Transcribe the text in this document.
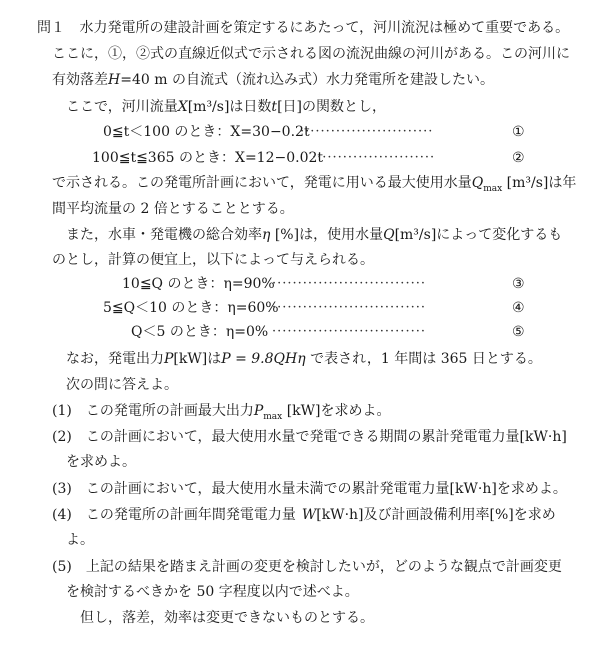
問１ 水力発電所の建設計画を策定するにあたって，河川流況は極めて重要である。
ここに，①，②式の直線近似式で示される図の流況曲線の河川がある。この河川に
有効落差H=40 m の自流式（流れ込み式）水力発電所を建設したい。
ここで，河川流量X[m³/s]は日数t[日]の関数とし，
0≦t＜100 のとき：X=30−0.2t
··························	①
100≦t≦365 のとき：X=12−0.02t
························	②
で示される。この発電所計画において，発電に用いる最大使用水量$Q_{max}$ [m³/s]は年
間平均流量の 2 倍とすることとする。
また，水車・発電機の総合効率η [%]は，使用水量Q[m³/s]によって変化するも
のとし，計算の便宜上，以下によって与えられる。
10≦Q のとき：η=90%
······························	③
5≦Q＜10 のとき：η=60%
······························	④
Q＜5 のとき：η=0% ······························	⑤
なお，発電出力P[kW]はP = 9.8QHη で表され，1 年間は 365 日とする。
次の問に答えよ。
(1)　この発電所の計画最大出力$P_{max}$ [kW]を求めよ。
(2)　この計画において，最大使用水量で発電できる期間の累計発電電力量[kW·h]
を求めよ。
(3)　この計画において，最大使用水量未満での累計発電電力量[kW·h]を求めよ。
(4)　この発電所の計画年間発電電力量 W[kW·h]及び計画設備利用率[%]を求め
よ。
(5)　上記の結果を踏まえ計画の変更を検討したいが，どのような観点で計画変更
を検討するべきかを 50 字程度以内で述べよ。
但し，落差，効率は変更できないものとする。
